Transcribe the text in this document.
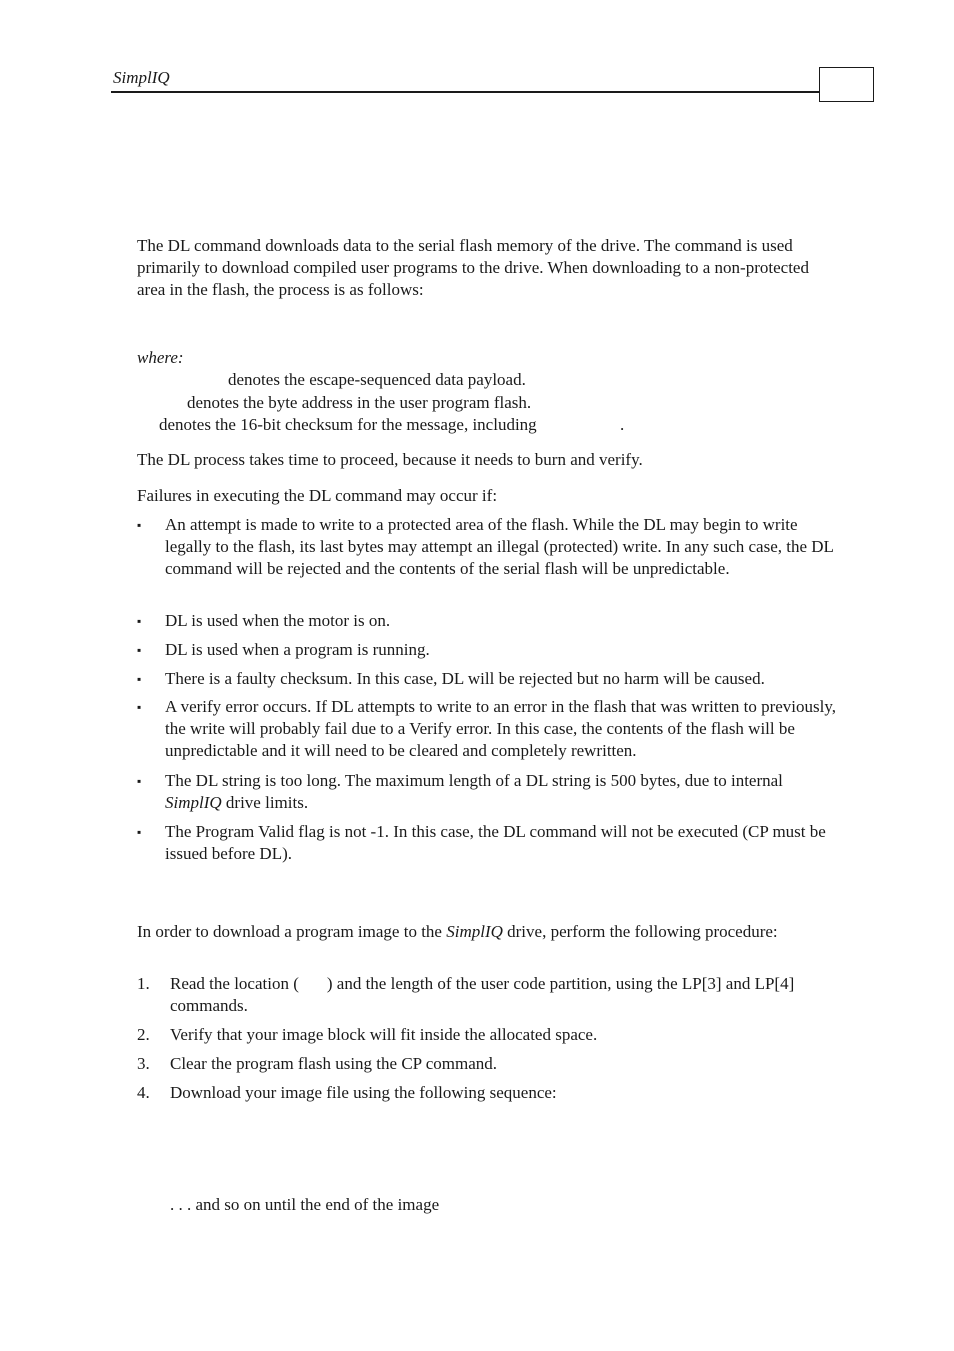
SimplIQ
The DL command downloads data to the serial flash memory of the drive. The command is used primarily to download compiled user programs to the drive. When downloading to a non-protected area in the flash, the process is as follows:
where:
denotes the escape-sequenced data payload.
denotes the byte address in the user program flash.
denotes the 16-bit checksum for the message, including	.
The DL process takes time to proceed, because it needs to burn and verify.
Failures in executing the DL command may occur if:
▪ An attempt is made to write to a protected area of the flash. While the DL may begin to write legally to the flash, its last bytes may attempt an illegal (protected) write. In any such case, the DL command will be rejected and the contents of the serial flash will be unpredictable.
▪ DL is used when the motor is on.
▪ DL is used when a program is running.
▪ There is a faulty checksum. In this case, DL will be rejected but no harm will be caused.
▪ A verify error occurs. If DL attempts to write to an error in the flash that was written to previously, the write will probably fail due to a Verify error. In this case, the contents of the flash will be unpredictable and it will need to be cleared and completely rewritten.
▪ The DL string is too long. The maximum length of a DL string is 500 bytes, due to internal SimplIQ drive limits.
▪ The Program Valid flag is not -1. In this case, the DL command will not be executed (CP must be issued before DL).
In order to download a program image to the SimplIQ drive, perform the following procedure:
1. Read the location ( ) and the length of the user code partition, using the LP[3] and LP[4] commands.
2. Verify that your image block will fit inside the allocated space.
3. Clear the program flash using the CP command.
4. Download your image file using the following sequence:
. . . and so on until the end of the image
